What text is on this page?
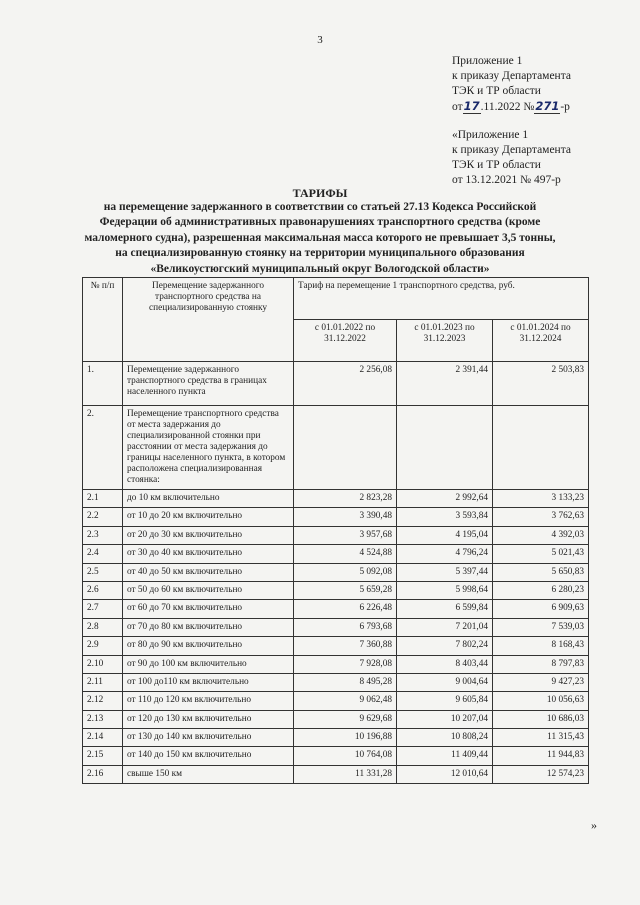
3
Приложение 1
к приказу Департамента
ТЭК и ТР области
от17.11.2022 №271-р
«Приложение 1
к приказу Департамента
ТЭК и ТР области
от 13.12.2021 № 497-р
ТАРИФЫ
на перемещение задержанного в соответствии со статьей 27.13 Кодекса Российской Федерации об административных правонарушениях транспортного средства (кроме маломерного судна), разрешенная максимальная масса которого не превышает 3,5 тонны, на специализированную стоянку на территории муниципального образования «Великоустюгский муниципальный округ Вологодской области»
№ п/п	Перемещение задержанного транспортного средства на специализированную стоянку	Тариф на перемещение 1 транспортного средства, руб.		
		с 01.01.2022 по 31.12.2022	с 01.01.2023 по 31.12.2023	с 01.01.2024 по 31.12.2024
1.	Перемещение задержанного транспортного средства в границах населенного пункта	2 256,08	2 391,44	2 503,83
2.	Перемещение транспортного средства от места задержания до специализированной стоянки при расстоянии от места задержания до границы населенного пункта, в котором расположена специализированная стоянка:			
2.1	до 10 км включительно	2 823,28	2 992,64	3 133,23
2.2	от 10 до 20 км включительно	3 390,48	3 593,84	3 762,63
2.3	от 20 до 30 км включительно	3 957,68	4 195,04	4 392,03
2.4	от 30 до 40 км включительно	4 524,88	4 796,24	5 021,43
2.5	от 40 до 50 км включительно	5 092,08	5 397,44	5 650,83
2.6	от 50 до 60 км включительно	5 659,28	5 998,64	6 280,23
2.7	от 60 до 70 км включительно	6 226,48	6 599,84	6 909,63
2.8	от 70 до 80 км включительно	6 793,68	7 201,04	7 539,03
2.9	от 80 до 90 км включительно	7 360,88	7 802,24	8 168,43
2.10	от 90 до 100 км включительно	7 928,08	8 403,44	8 797,83
2.11	от 100 до110 км включительно	8 495,28	9 004,64	9 427,23
2.12	от 110 до 120 км включительно	9 062,48	9 605,84	10 056,63
2.13	от 120 до 130 км включительно	9 629,68	10 207,04	10 686,03
2.14	от 130 до 140 км включительно	10 196,88	10 808,24	11 315,43
2.15	от 140 до 150 км включительно	10 764,08	11 409,44	11 944,83
2.16	свыше 150 км	11 331,28	12 010,64	12 574,23
»
